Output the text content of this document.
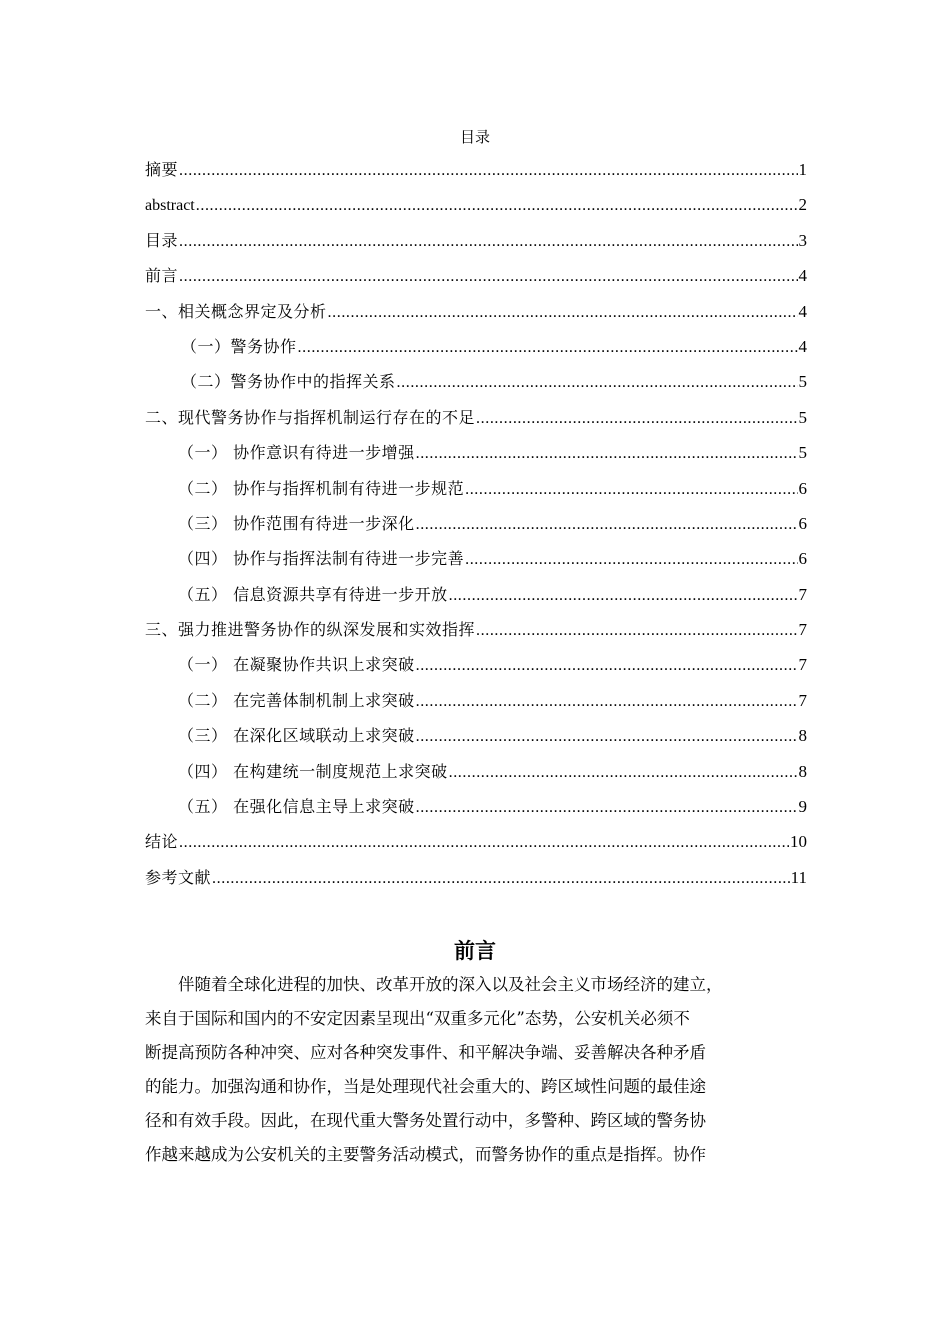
目录
摘要 .....	1
abstract .....	2
目录 .....	3
前言 .....	4
一、相关概念界定及分析 .....	4
（一）警务协作 .....	4
（二）警务协作中的指挥关系 .....	5
二、现代警务协作与指挥机制运行存在的不足 .....	5
（一） 协作意识有待进一步增强 .....	5
（二） 协作与指挥机制有待进一步规范 .....	6
（三） 协作范围有待进一步深化 .....	6
（四） 协作与指挥法制有待进一步完善 .....	6
（五） 信息资源共享有待进一步开放 .....	7
三、强力推进警务协作的纵深发展和实效指挥 .....	7
（一） 在凝聚协作共识上求突破 .....	7
（二） 在完善体制机制上求突破 .....	7
（三） 在深化区域联动上求突破 .....	8
（四） 在构建统一制度规范上求突破 .....	8
（五） 在强化信息主导上求突破 .....	9
结论 .....	10
参考文献 .....	11
前言
伴随着全球化进程的加快、改革开放的深入以及社会主义市场经济的建立，
来自于国际和国内的不安定因素呈现出“双重多元化”态势，公安机关必须不
断提高预防各种冲突、应对各种突发事件、和平解决争端、妥善解决各种矛盾
的能力。加强沟通和协作，当是处理现代社会重大的、跨区域性问题的最佳途
径和有效手段。因此，在现代重大警务处置行动中，多警种、跨区域的警务协
作越来越成为公安机关的主要警务活动模式，而警务协作的重点是指挥。协作
